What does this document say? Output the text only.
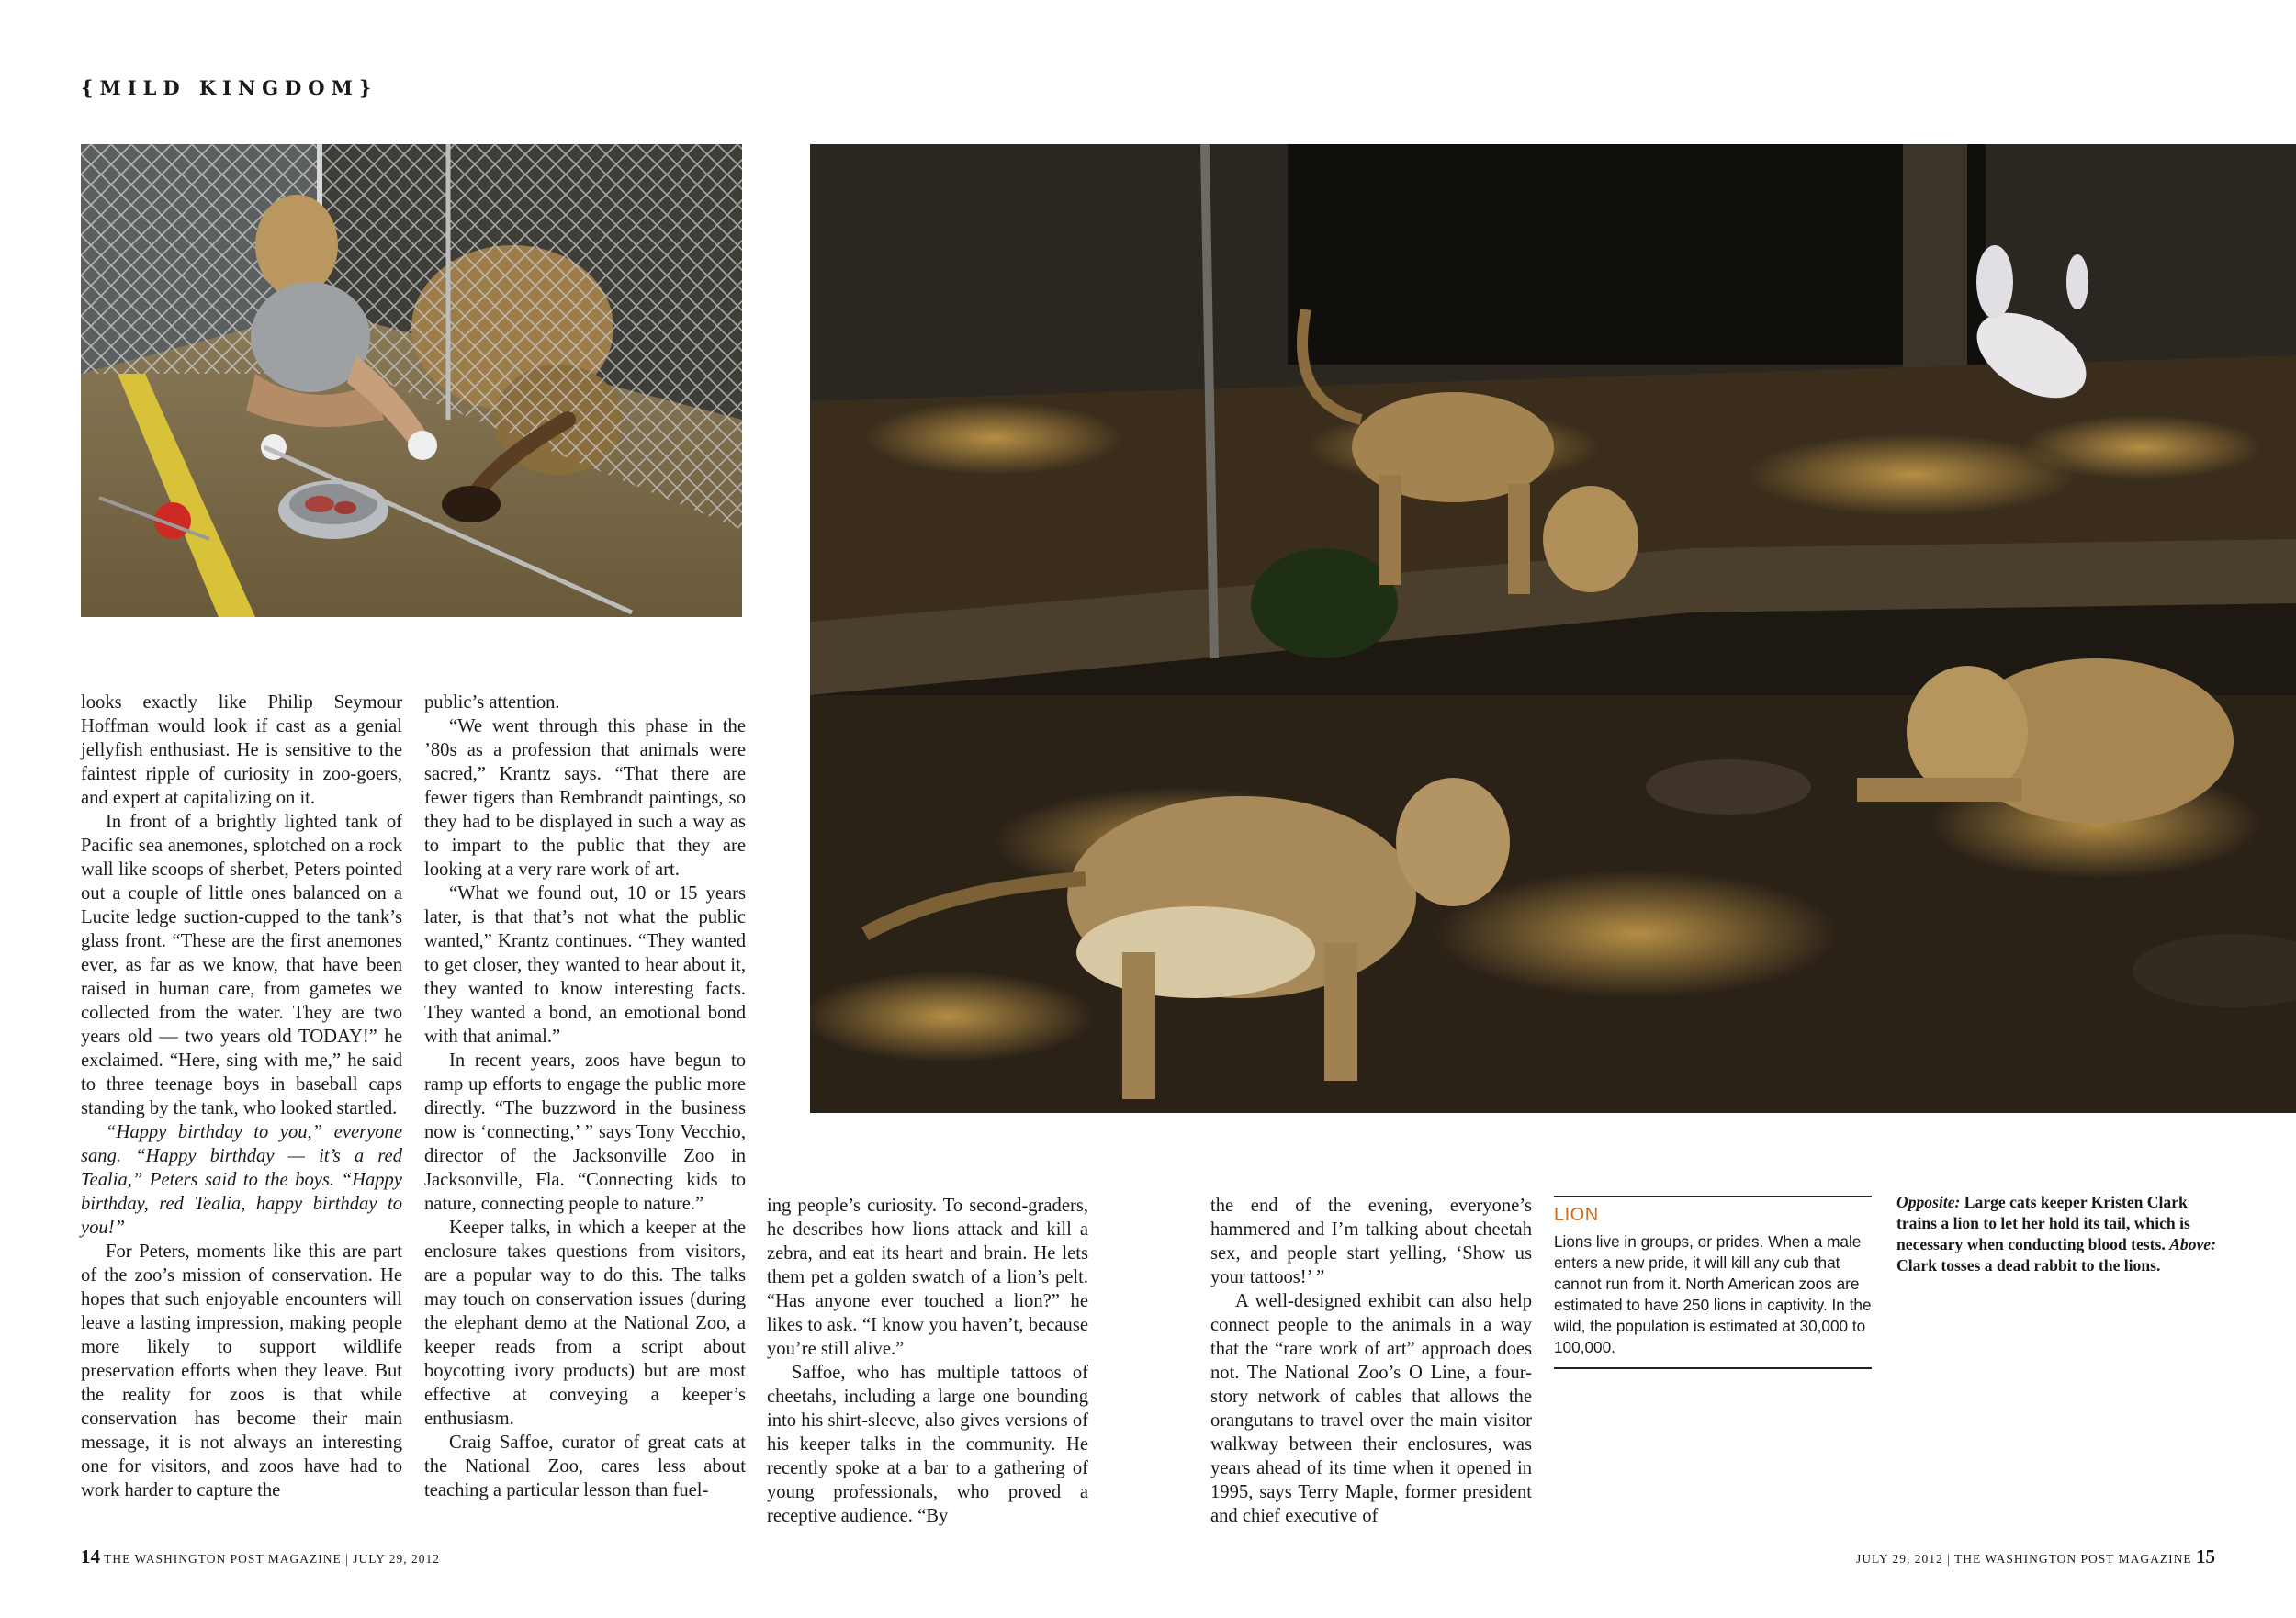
{MILD KINGDOM}

looks exactly like Philip Seymour Hoffman would look if cast as a genial jellyfish enthusiast. He is sensitive to the faintest ripple of curiosity in zoo-goers, and expert at capitalizing on it.

In front of a brightly lighted tank of Pacific sea anemones, splotched on a rock wall like scoops of sherbet, Peters pointed out a couple of little ones balanced on a Lucite ledge suction-cupped to the tank’s glass front. “These are the first anemones ever, as far as we know, that have been raised in human care, from gametes we collected from the water. They are two years old — two years old TODAY!” he exclaimed. “Here, sing with me,” he said to three teenage boys in baseball caps standing by the tank, who looked startled.

“Happy birthday to you,” everyone sang. “Happy birthday — it’s a red Tealia,” Peters said to the boys. “Happy birthday, red Tealia, happy birthday to you!”

For Peters, moments like this are part of the zoo’s mission of conservation. He hopes that such enjoyable encounters will leave a lasting impression, making people more likely to support wildlife preservation efforts when they leave. But the reality for zoos is that while conservation has become their main message, it is not always an interesting one for visitors, and zoos have had to work harder to capture the

public’s attention.

“We went through this phase in the ’80s as a profession that animals were sacred,” Krantz says. “That there are fewer tigers than Rembrandt paintings, so they had to be displayed in such a way as to impart to the public that they are looking at a very rare work of art.

“What we found out, 10 or 15 years later, is that that’s not what the public wanted,” Krantz continues. “They wanted to get closer, they wanted to hear about it, they wanted to know interesting facts. They wanted a bond, an emotional bond with that animal.”

In recent years, zoos have begun to ramp up efforts to engage the public more directly. “The buzzword in the business now is ‘connecting,’ ” says Tony Vecchio, director of the Jacksonville Zoo in Jacksonville, Fla. “Connecting kids to nature, connecting people to nature.”

Keeper talks, in which a keeper at the enclosure takes questions from visitors, are a popular way to do this. The talks may touch on conservation issues (during the elephant demo at the National Zoo, a keeper reads from a script about boycotting ivory products) but are most effective at conveying a keeper’s enthusiasm.

Craig Saffoe, curator of great cats at the National Zoo, cares less about teaching a particular lesson than fuel-

ing people’s curiosity. To second-graders, he describes how lions attack and kill a zebra, and eat its heart and brain. He lets them pet a golden swatch of a lion’s pelt. “Has anyone ever touched a lion?” he likes to ask. “I know you haven’t, because you’re still alive.”

Saffoe, who has multiple tattoos of cheetahs, including a large one bounding into his shirt-sleeve, also gives versions of his keeper talks in the community. He recently spoke at a bar to a gathering of young professionals, who proved a receptive audience. “By

the end of the evening, everyone’s hammered and I’m talking about cheetah sex, and people start yelling, ‘Show us your tattoos!’ ”

A well-designed exhibit can also help connect people to the animals in a way that the “rare work of art” approach does not. The National Zoo’s O Line, a four-story network of cables that allows the orangutans to travel over the main visitor walkway between their enclosures, was years ahead of its time when it opened in 1995, says Terry Maple, former president and chief executive of

LION
Lions live in groups, or prides. When a male enters a new pride, it will kill any cub that cannot run from it. North American zoos are estimated to have 250 lions in captivity. In the wild, the population is estimated at 30,000 to 100,000.
Opposite: Large cats keeper Kristen Clark trains a lion to let her hold its tail, which is necessary when conducting blood tests. Above: Clark tosses a dead rabbit to the lions.
14 THE WASHINGTON POST MAGAZINE | JULY 29, 2012	JULY 29, 2012 | THE WASHINGTON POST MAGAZINE 15
